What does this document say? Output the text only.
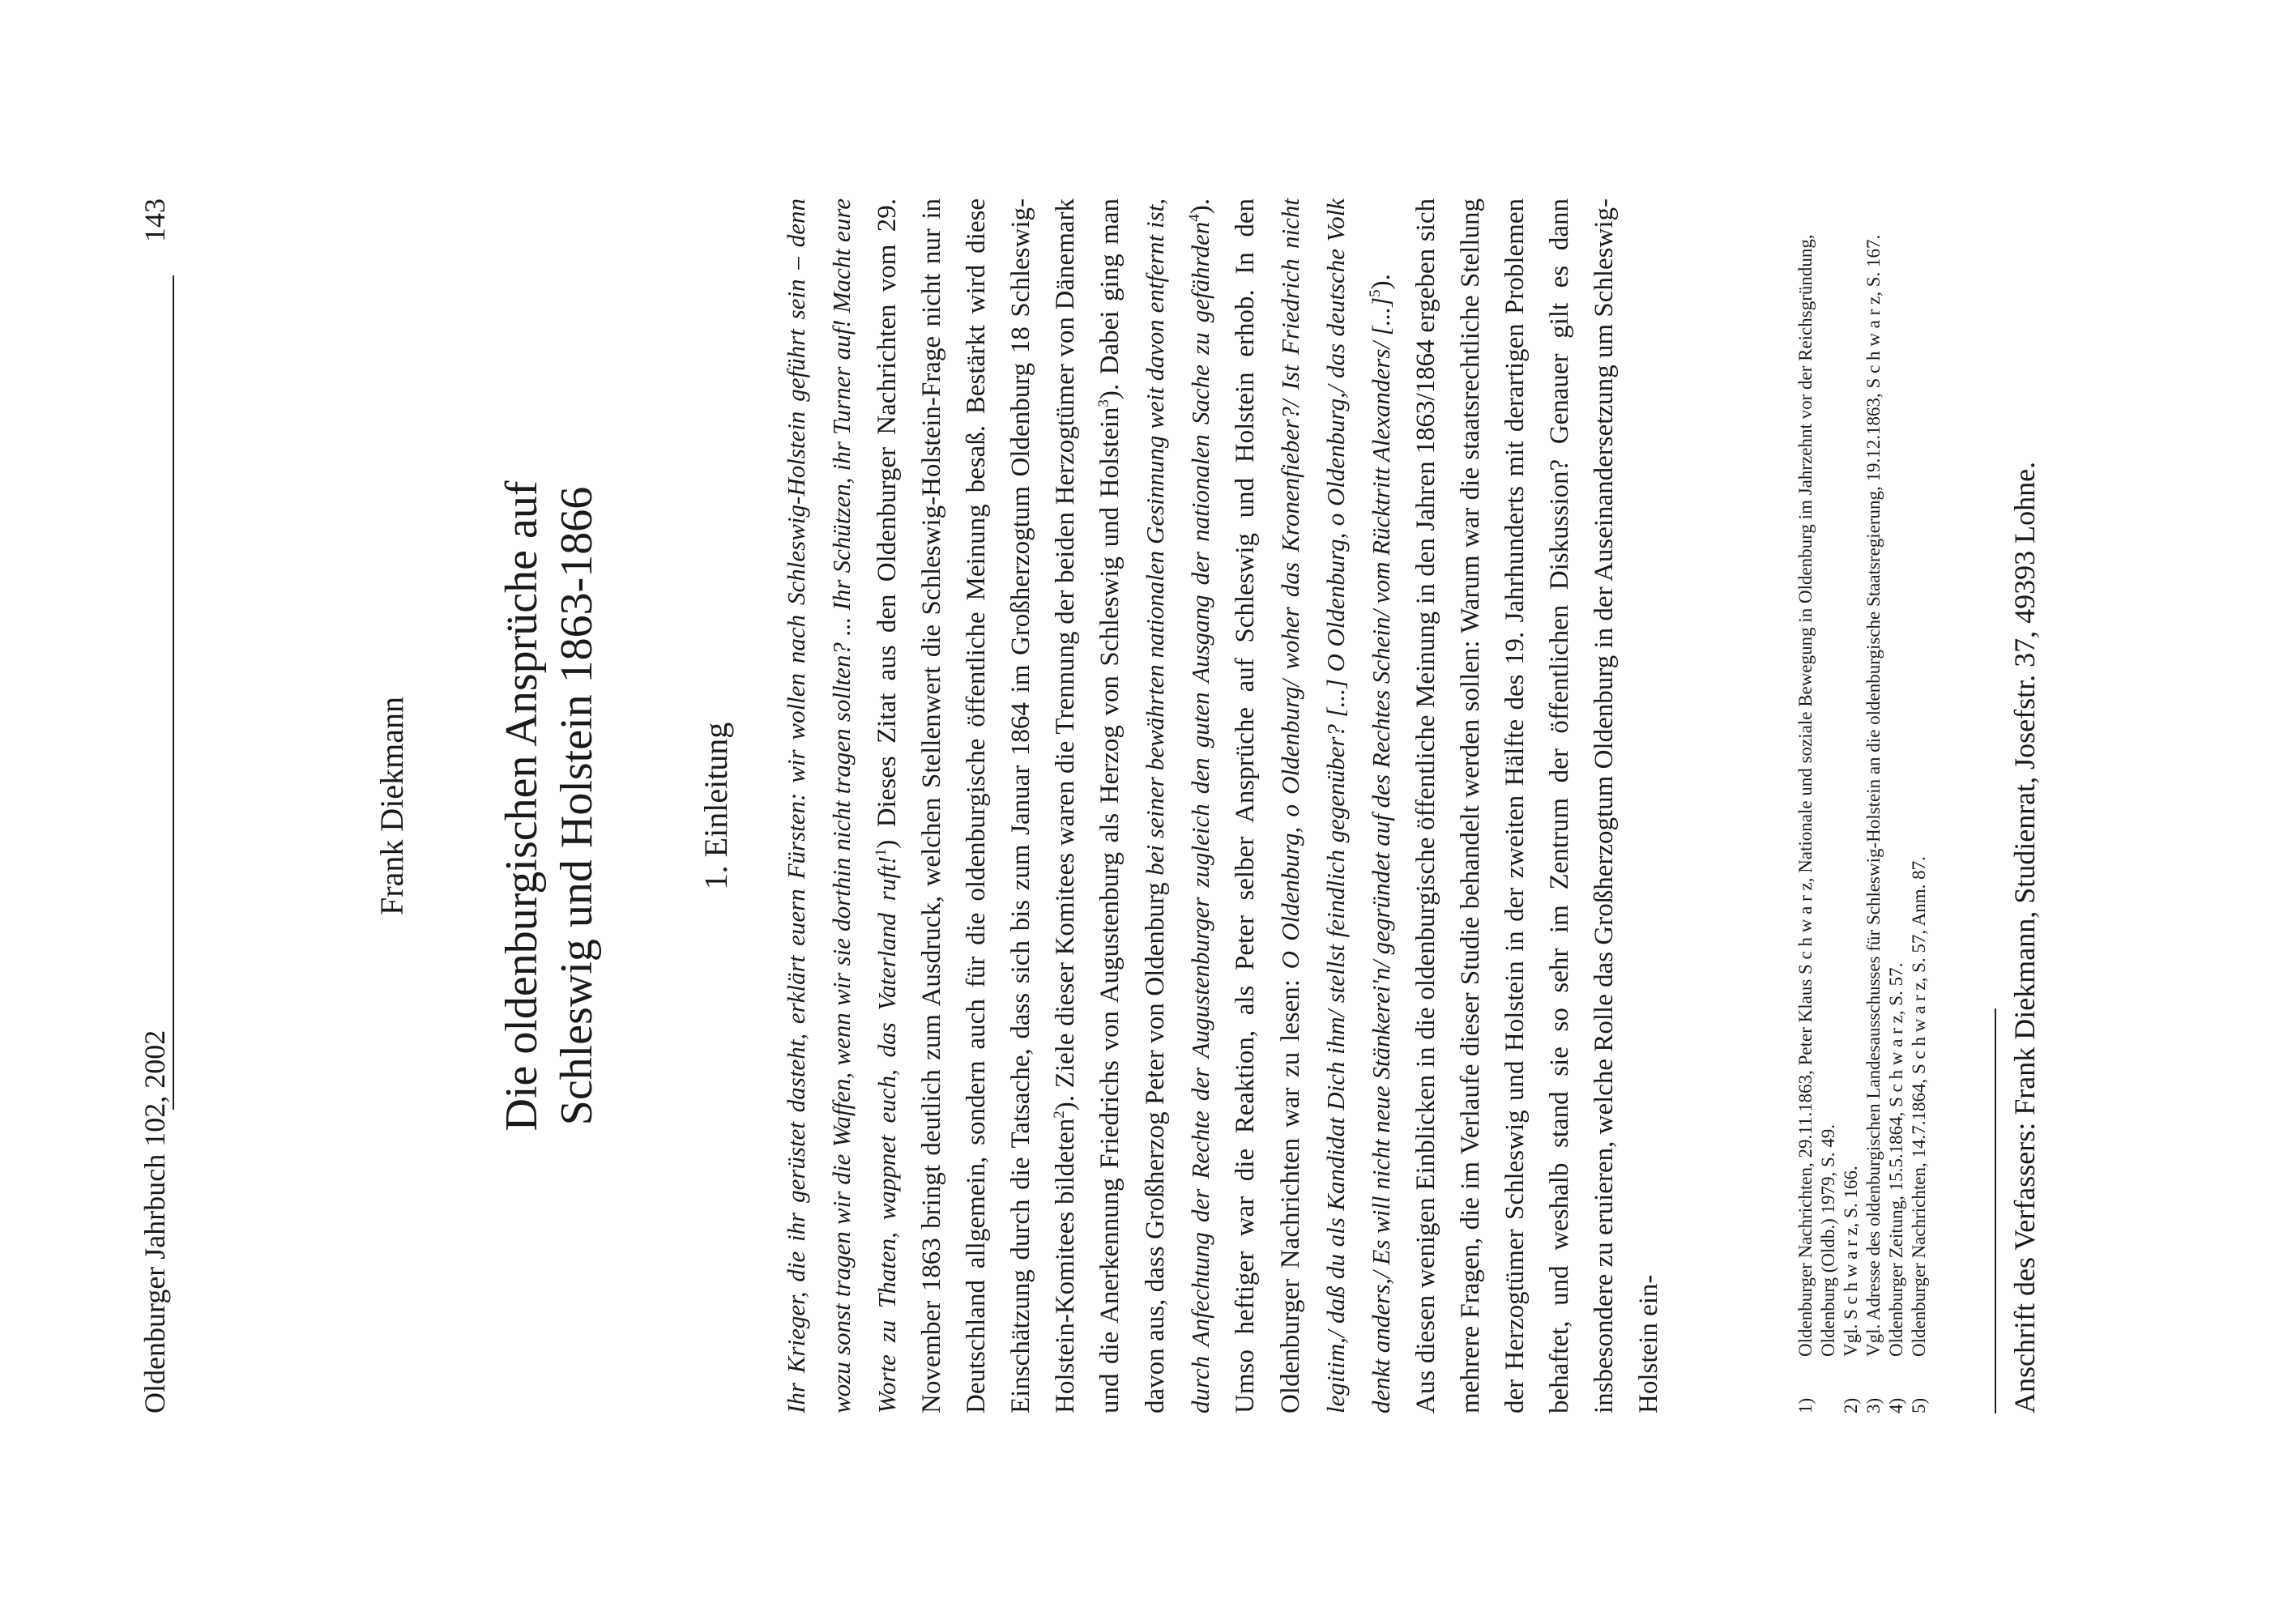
Oldenburger Jahrbuch 102, 2002
143
Frank Diekmann Die oldenburgischen Ansprüche auf Schleswig und Holstein 1863-1866	1. Einleitung	Ihr Krieger, die ihr gerüstet dasteht, erklärt euern Fürsten: wir wollen nach Schleswig-Holstein geführt sein – denn wozu sonst tragen wir die Waffen, wenn wir sie dorthin nicht tragen sollten? ... Ihr Schützen, ihr Turner auf! Macht eure Worte zu Thaten, wappnet euch, das Vaterland ruft!$^1$) Dieses Zitat aus den Oldenburger Nachrichten vom 29. November 1863 bringt deutlich zum Ausdruck, welchen Stellenwert die Schleswig-Holstein-Frage nicht nur in Deutschland allgemein, sondern auch für die oldenburgische öffentliche Meinung besaß. Bestärkt wird diese Einschätzung durch die Tatsache, dass sich bis zum Januar 1864 im Großherzogtum Oldenburg 18 Schleswig-Holstein-Komitees bildeten$^2$). Ziele dieser Komitees waren die Trennung der beiden Herzogtümer von Dänemark und die Anerkennung Friedrichs von Augustenburg als Herzog von Schleswig und Holstein$^3$). Dabei ging man davon aus, dass Großherzog Peter von Oldenburg bei seiner bewährten nationalen Gesinnung weit davon entfernt ist, durch Anfechtung der Rechte der Augustenburger zugleich den guten Ausgang der nationalen Sache zu gefährden$^4$). Umso heftiger war die Reaktion, als Peter selber Ansprüche auf Schleswig und Holstein erhob. In den Oldenburger Nachrichten war zu lesen: O Oldenburg, o Oldenburg/ woher das Kronenfieber?/ Ist Friedrich nicht legitim,/ daß du als Kandidat Dich ihm/ stellst feindlich gegenüber? [...] O Oldenburg, o Oldenburg,/ das deutsche Volk denkt anders,/ Es will nicht neue Stänkerei'n/ gegründet auf des Rechtes Schein/ vom Rücktritt Alexanders/ [...]$^5$). Aus diesen wenigen Einblicken in die oldenburgische öffentliche Meinung in den Jahren 1863/1864 ergeben sich mehrere Fragen, die im Verlaufe dieser Studie behandelt werden sollen: Warum war die staatsrechtliche Stellung der Herzogtümer Schleswig und Holstein in der zweiten Hälfte des 19. Jahrhunderts mit derartigen Problemen behaftet, und weshalb stand sie so sehr im Zentrum der öffentlichen Diskussion? Genauer gilt es dann insbesondere zu eruieren, welche Rolle das Großherzogtum Oldenburg in der Auseinandersetzung um Schleswig-Holstein ein-	1)
Oldenburger Nachrichten, 29.11.1863, Peter Klaus S c h w a r z, Nationale und soziale Bewegung in Oldenburg im Jahrzehnt vor der Reichsgründung, Oldenburg (Oldb.) 1979, S. 49.
2)
Vgl. S c h w a r z, S. 166.
3)
Vgl. Adresse des oldenburgischen Landesausschusses für Schleswig-Holstein an die oldenburgische Staatsregierung, 19.12.1863, S c h w a r z, S. 167.
4)
Oldenburger Zeitung, 15.5.1864, S c h w a r z, S. 57.
5)
Oldenburger Nachrichten, 14.7.1864, S c h w a r z, S. 57, Anm. 87.	Anschrift des Verfassers: Frank Diekmann, Studienrat, Josefstr. 37, 49393 Lohne.
